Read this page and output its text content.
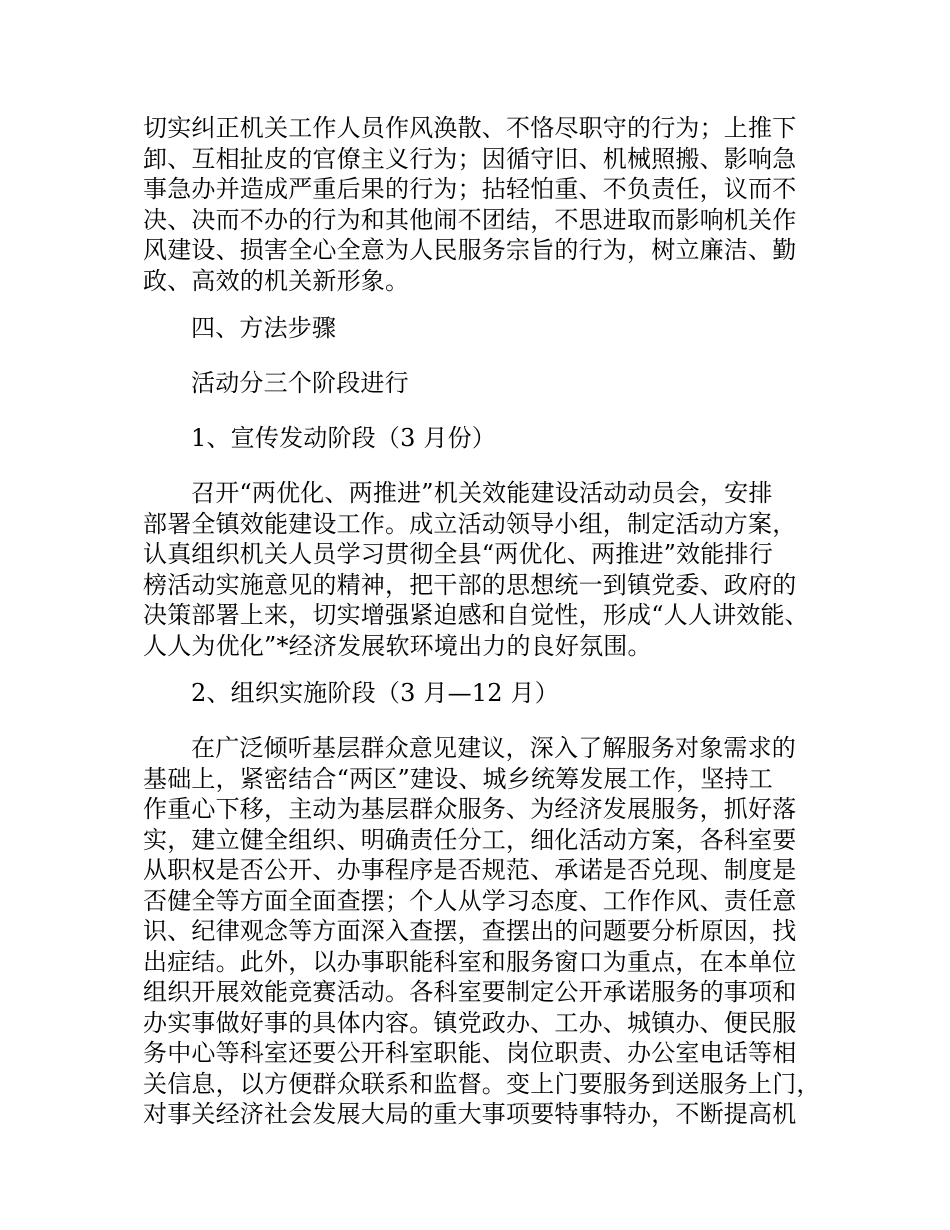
切实纠正机关工作人员作风涣散、不恪尽职守的行为；上推下
卸、互相扯皮的官僚主义行为；因循守旧、机械照搬、影响急
事急办并造成严重后果的行为；拈轻怕重、不负责任，议而不
决、决而不办的行为和其他闹不团结，不思进取而影响机关作
风建设、损害全心全意为人民服务宗旨的行为，树立廉洁、勤
政、高效的机关新形象。
四、方法步骤
活动分三个阶段进行
1、宣传发动阶段（3 月份）
召开“两优化、两推进”机关效能建设活动动员会，安排
部署全镇效能建设工作。成立活动领导小组，制定活动方案，
认真组织机关人员学习贯彻全县“两优化、两推进”效能排行
榜活动实施意见的精神，把干部的思想统一到镇党委、政府的
决策部署上来，切实增强紧迫感和自觉性，形成“人人讲效能、
人人为优化”*经济发展软环境出力的良好氛围。
2、组织实施阶段（3 月—12 月）
在广泛倾听基层群众意见建议，深入了解服务对象需求的
基础上，紧密结合“两区”建设、城乡统筹发展工作，坚持工
作重心下移，主动为基层群众服务、为经济发展服务，抓好落
实，建立健全组织、明确责任分工，细化活动方案，各科室要
从职权是否公开、办事程序是否规范、承诺是否兑现、制度是
否健全等方面全面查摆；个人从学习态度、工作作风、责任意
识、纪律观念等方面深入查摆，查摆出的问题要分析原因，找
出症结。此外，以办事职能科室和服务窗口为重点，在本单位
组织开展效能竞赛活动。各科室要制定公开承诺服务的事项和
办实事做好事的具体内容。镇党政办、工办、城镇办、便民服
务中心等科室还要公开科室职能、岗位职责、办公室电话等相
关信息，以方便群众联系和监督。变上门要服务到送服务上门，
对事关经济社会发展大局的重大事项要特事特办，不断提高机
